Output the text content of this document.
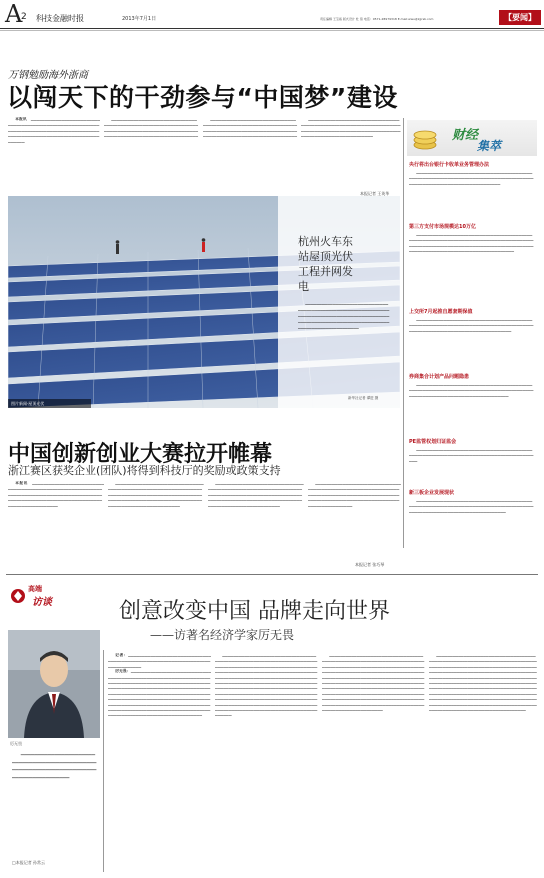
A
2 科技金融时报	2013年7月1日	责任编辑 王宝裕 版式设计 杜 瑄 电话：0571-28979318 E-mail:wwu@kjjrsb.com	【要闻】
万钢勉励海外浙商
以闯天下的干劲参与“中国梦”建设

本报讯　▁▁▁▁▁▁▁▁▁▁▁▁▁▁▁▁▁▁▁▁▁▁▁▁▁▁▁▁▁▁▁▁▁▁▁▁▁▁▁▁▁▁▁▁▁▁▁▁▁▁▁▁▁▁▁▁▁▁▁▁▁▁▁▁▁▁▁▁▁▁▁▁▁▁▁▁▁▁▁▁▁▁▁▁▁▁▁▁▁▁▁▁▁▁▁▁▁▁▁▁▁▁▁▁▁▁▁▁▁▁▁▁▁▁▁▁▁▁▁▁▁▁▁▁▁▁▁▁▁▁

▁▁▁▁▁▁▁▁▁▁▁▁▁▁▁▁▁▁▁▁▁▁▁▁▁▁▁▁▁▁▁▁▁▁▁▁▁▁▁▁▁▁▁▁▁▁▁▁▁▁▁▁▁▁▁▁▁▁▁▁▁▁▁▁▁▁▁▁▁▁▁▁▁▁▁▁▁▁▁▁▁▁▁▁▁▁▁▁▁▁▁▁▁▁▁▁▁▁▁▁▁▁▁▁▁▁▁▁▁▁▁▁▁▁▁▁▁▁▁▁▁▁▁▁▁▁▁▁▁▁▁▁▁

▁▁▁▁▁▁▁▁▁▁▁▁▁▁▁▁▁▁▁▁▁▁▁▁▁▁▁▁▁▁▁▁▁▁▁▁▁▁▁▁▁▁▁▁▁▁▁▁▁▁▁▁▁▁▁▁▁▁▁▁▁▁▁▁▁▁▁▁▁▁▁▁▁▁▁▁▁▁▁▁▁▁▁▁▁▁▁▁▁▁▁▁▁▁▁▁▁▁▁▁▁▁▁▁▁▁▁▁▁▁▁▁▁▁▁▁▁▁▁▁▁▁▁▁▁▁▁▁▁▁▁▁▁

▁▁▁▁▁▁▁▁▁▁▁▁▁▁▁▁▁▁▁▁▁▁▁▁▁▁▁▁▁▁▁▁▁▁▁▁▁▁▁▁▁▁▁▁▁▁▁▁▁▁▁▁▁▁▁▁▁▁▁▁▁▁▁▁▁▁▁▁▁▁▁▁▁▁▁▁▁▁▁▁▁▁▁▁▁▁▁▁▁▁▁▁▁▁▁▁▁▁▁▁▁▁▁▁▁▁▁▁▁▁▁▁▁▁▁▁▁▁▁▁▁▁▁▁▁▁▁▁▁▁▁

本报记者 王英华
杭州火车东站屋顶光伏工程并网发电

▁▁▁▁▁▁▁▁▁▁▁▁▁▁▁▁▁▁▁▁▁▁▁▁▁▁▁▁▁▁▁▁▁▁▁▁▁▁▁▁▁▁▁▁▁▁▁▁▁▁▁▁▁▁▁▁▁▁▁▁▁▁▁▁▁▁▁▁▁▁▁▁▁▁▁▁▁▁▁▁▁▁▁▁▁▁▁▁▁▁▁▁▁▁▁▁▁▁▁▁▁▁▁▁▁▁▁▁▁▁▁▁▁▁▁▁▁▁▁▁▁▁▁▁▁▁▁▁▁▁▁▁▁▁▁▁▁▁▁▁▁▁▁▁▁▁▁▁▁▁▁

新华社记者 谭进 摄
图片新闻·屋顶光伏
财经
集萃
央行将出台银行卡收单业务管理办法

▁▁▁▁▁▁▁▁▁▁▁▁▁▁▁▁▁▁▁▁▁▁▁▁▁▁▁▁▁▁▁▁▁▁▁▁▁▁▁▁▁▁▁▁▁▁▁▁▁▁▁▁▁▁▁▁▁▁▁▁▁▁▁▁▁▁▁▁▁▁▁▁▁▁▁▁▁▁▁▁▁▁▁▁▁▁▁▁▁▁▁▁▁▁▁▁▁▁▁▁▁▁▁▁▁▁▁▁▁▁▁▁▁▁▁▁▁▁▁▁

第三方支付市场规模达10万亿

▁▁▁▁▁▁▁▁▁▁▁▁▁▁▁▁▁▁▁▁▁▁▁▁▁▁▁▁▁▁▁▁▁▁▁▁▁▁▁▁▁▁▁▁▁▁▁▁▁▁▁▁▁▁▁▁▁▁▁▁▁▁▁▁▁▁▁▁▁▁▁▁▁▁▁▁▁▁▁▁▁▁▁▁▁▁▁▁▁▁▁▁▁▁▁▁▁▁▁▁▁▁▁▁▁▁▁▁▁▁▁▁▁▁▁▁▁▁▁▁▁▁▁▁▁▁▁▁▁▁▁▁▁▁▁▁▁▁▁▁▁▁▁▁▁▁▁▁▁▁▁▁▁▁▁▁▁▁▁▁▁▁▁▁▁▁▁▁▁▁

上交所7月起推自愿套期保值

▁▁▁▁▁▁▁▁▁▁▁▁▁▁▁▁▁▁▁▁▁▁▁▁▁▁▁▁▁▁▁▁▁▁▁▁▁▁▁▁▁▁▁▁▁▁▁▁▁▁▁▁▁▁▁▁▁▁▁▁▁▁▁▁▁▁▁▁▁▁▁▁▁▁▁▁▁▁▁▁▁▁▁▁▁▁▁▁▁▁▁▁▁▁▁▁▁▁▁▁▁▁▁▁▁▁▁▁▁▁▁▁▁▁▁▁▁▁▁▁▁▁▁▁

券商集合计划产品问题隐患

▁▁▁▁▁▁▁▁▁▁▁▁▁▁▁▁▁▁▁▁▁▁▁▁▁▁▁▁▁▁▁▁▁▁▁▁▁▁▁▁▁▁▁▁▁▁▁▁▁▁▁▁▁▁▁▁▁▁▁▁▁▁▁▁▁▁▁▁▁▁▁▁▁▁▁▁▁▁▁▁▁▁▁▁▁▁▁▁▁▁▁▁▁▁▁▁▁▁▁▁▁▁▁▁▁▁▁▁▁▁▁▁▁▁▁▁▁▁▁▁▁▁▁

PE监管权划归证监会

▁▁▁▁▁▁▁▁▁▁▁▁▁▁▁▁▁▁▁▁▁▁▁▁▁▁▁▁▁▁▁▁▁▁▁▁▁▁▁▁▁▁▁▁▁▁▁▁▁▁▁▁▁▁▁▁▁▁▁▁▁▁▁▁▁▁▁▁▁▁▁▁▁▁▁▁▁▁▁▁▁▁▁▁▁▁▁▁▁▁

新三板企业发展现状

▁▁▁▁▁▁▁▁▁▁▁▁▁▁▁▁▁▁▁▁▁▁▁▁▁▁▁▁▁▁▁▁▁▁▁▁▁▁▁▁▁▁▁▁▁▁▁▁▁▁▁▁▁▁▁▁▁▁▁▁▁▁▁▁▁▁▁▁▁▁▁▁▁▁▁▁▁▁▁▁▁▁▁▁▁▁▁▁▁▁▁▁▁▁▁▁▁▁▁▁▁▁▁▁▁▁▁▁▁▁▁▁▁▁▁▁▁▁▁▁▁▁

中国创新创业大赛拉开帷幕
浙江赛区获奖企业(团队)将得到科技厅的奖励或政策支持

本报讯　▁▁▁▁▁▁▁▁▁▁▁▁▁▁▁▁▁▁▁▁▁▁▁▁▁▁▁▁▁▁▁▁▁▁▁▁▁▁▁▁▁▁▁▁▁▁▁▁▁▁▁▁▁▁▁▁▁▁▁▁▁▁▁▁▁▁▁▁▁▁▁▁▁▁▁▁▁▁▁▁▁▁▁▁▁▁▁▁▁▁▁▁▁▁▁▁▁▁▁▁▁▁▁▁▁▁▁▁▁▁▁▁▁▁▁▁▁▁▁▁▁▁▁▁▁▁▁▁▁▁▁▁▁▁▁▁▁▁▁▁▁▁▁▁▁▁

▁▁▁▁▁▁▁▁▁▁▁▁▁▁▁▁▁▁▁▁▁▁▁▁▁▁▁▁▁▁▁▁▁▁▁▁▁▁▁▁▁▁▁▁▁▁▁▁▁▁▁▁▁▁▁▁▁▁▁▁▁▁▁▁▁▁▁▁▁▁▁▁▁▁▁▁▁▁▁▁▁▁▁▁▁▁▁▁▁▁▁▁▁▁▁▁▁▁▁▁▁▁▁▁▁▁▁▁▁▁▁▁▁▁▁▁▁▁▁▁▁▁▁▁▁▁▁▁▁▁▁▁▁▁▁▁▁▁▁▁▁▁▁▁▁▁▁▁▁▁▁▁▁▁▁▁▁▁▁▁

▁▁▁▁▁▁▁▁▁▁▁▁▁▁▁▁▁▁▁▁▁▁▁▁▁▁▁▁▁▁▁▁▁▁▁▁▁▁▁▁▁▁▁▁▁▁▁▁▁▁▁▁▁▁▁▁▁▁▁▁▁▁▁▁▁▁▁▁▁▁▁▁▁▁▁▁▁▁▁▁▁▁▁▁▁▁▁▁▁▁▁▁▁▁▁▁▁▁▁▁▁▁▁▁▁▁▁▁▁▁▁▁▁▁▁▁▁▁▁▁▁▁▁▁▁▁▁▁▁▁▁▁▁▁▁▁▁▁▁▁▁▁▁▁▁▁▁▁▁▁▁▁▁▁▁▁▁▁▁▁

▁▁▁▁▁▁▁▁▁▁▁▁▁▁▁▁▁▁▁▁▁▁▁▁▁▁▁▁▁▁▁▁▁▁▁▁▁▁▁▁▁▁▁▁▁▁▁▁▁▁▁▁▁▁▁▁▁▁▁▁▁▁▁▁▁▁▁▁▁▁▁▁▁▁▁▁▁▁▁▁▁▁▁▁▁▁▁▁▁▁▁▁▁▁▁▁▁▁▁▁▁▁▁▁▁▁▁▁▁▁▁▁▁▁▁▁▁▁▁▁▁▁▁▁▁▁▁▁▁▁▁▁▁▁▁▁▁▁▁▁▁▁▁▁▁▁

本报记者 张巧琴
高端
访谈	创意改变中国 品牌走向世界
——访著名经济学家厉无畏
厉无畏

▁▁▁▁▁▁▁▁▁▁▁▁▁▁▁▁▁▁▁▁▁▁▁▁▁▁▁▁▁▁▁▁▁▁▁▁▁▁▁▁▁▁▁▁▁▁▁▁▁▁▁▁▁▁▁▁▁▁▁▁▁▁▁▁▁▁▁▁▁▁▁▁▁▁▁▁▁▁▁▁▁▁▁▁▁▁▁▁▁

□本报记者 孙常云

记者：▁▁▁▁▁▁▁▁▁▁▁▁▁▁▁▁▁▁▁▁▁▁▁▁▁▁▁▁▁▁▁▁▁▁▁▁▁▁▁▁▁▁▁▁▁▁▁▁▁▁▁▁▁▁▁▁▁▁▁▁▁▁▁▁▁▁▁▁▁▁▁▁▁▁▁▁▁▁▁

厉无畏：▁▁▁▁▁▁▁▁▁▁▁▁▁▁▁▁▁▁▁▁▁▁▁▁▁▁▁▁▁▁▁▁▁▁▁▁▁▁▁▁▁▁▁▁▁▁▁▁▁▁▁▁▁▁▁▁▁▁▁▁▁▁▁▁▁▁▁▁▁▁▁▁▁▁▁▁▁▁▁▁▁▁▁▁▁▁▁▁▁▁▁▁▁▁▁▁▁▁▁▁▁▁▁▁▁▁▁▁▁▁▁▁▁▁▁▁▁▁▁▁▁▁▁▁▁▁▁▁▁▁▁▁▁▁▁▁▁▁▁▁▁▁▁▁▁▁▁▁▁▁▁▁▁▁▁▁▁▁▁▁▁▁▁▁▁▁▁▁▁▁▁▁▁▁▁▁▁▁▁▁▁▁▁▁▁▁▁▁▁▁▁▁▁▁▁▁▁▁▁▁▁▁▁▁▁▁▁▁▁▁▁▁▁▁▁▁▁▁▁▁▁▁▁▁▁▁▁▁▁▁▁▁▁▁▁▁▁▁▁▁▁▁▁▁▁▁▁▁▁▁▁▁▁▁▁▁▁▁▁▁▁▁▁▁▁▁▁▁▁▁▁▁▁▁▁▁▁▁▁▁▁▁▁▁▁▁▁▁▁▁▁▁▁▁▁▁▁▁▁▁▁▁▁▁▁▁▁▁▁▁▁▁▁▁▁▁▁▁▁▁▁▁

▁▁▁▁▁▁▁▁▁▁▁▁▁▁▁▁▁▁▁▁▁▁▁▁▁▁▁▁▁▁▁▁▁▁▁▁▁▁▁▁▁▁▁▁▁▁▁▁▁▁▁▁▁▁▁▁▁▁▁▁▁▁▁▁▁▁▁▁▁▁▁▁▁▁▁▁▁▁▁▁▁▁▁▁▁▁▁▁▁▁▁▁▁▁▁▁▁▁▁▁▁▁▁▁▁▁▁▁▁▁▁▁▁▁▁▁▁▁▁▁▁▁▁▁▁▁▁▁▁▁▁▁▁▁▁▁▁▁▁▁▁▁▁▁▁▁▁▁▁▁▁▁▁▁▁▁▁▁▁▁▁▁▁▁▁▁▁▁▁▁▁▁▁▁▁▁▁▁▁▁▁▁▁▁▁▁▁▁▁▁▁▁▁▁▁▁▁▁▁▁▁▁▁▁▁▁▁▁▁▁▁▁▁▁▁▁▁▁▁▁▁▁▁▁▁▁▁▁▁▁▁▁▁▁▁▁▁▁▁▁▁▁▁▁▁▁▁▁▁▁▁▁▁▁▁▁▁▁▁▁▁▁▁▁▁▁▁▁▁▁▁▁▁▁▁▁▁▁▁▁▁▁▁▁▁▁▁▁▁▁▁▁▁▁▁▁▁▁▁▁▁▁▁▁▁▁▁▁▁▁▁▁▁▁▁▁▁▁▁▁▁▁▁▁▁▁▁▁▁▁▁▁▁▁▁▁▁▁▁▁▁▁▁▁▁▁▁▁▁▁▁▁▁▁▁▁▁▁▁▁▁▁▁▁▁▁▁▁▁▁▁▁▁▁▁▁▁▁▁▁▁▁▁▁▁▁▁▁▁▁▁▁▁▁▁▁▁▁▁▁▁▁▁▁▁▁▁▁▁▁

▁▁▁▁▁▁▁▁▁▁▁▁▁▁▁▁▁▁▁▁▁▁▁▁▁▁▁▁▁▁▁▁▁▁▁▁▁▁▁▁▁▁▁▁▁▁▁▁▁▁▁▁▁▁▁▁▁▁▁▁▁▁▁▁▁▁▁▁▁▁▁▁▁▁▁▁▁▁▁▁▁▁▁▁▁▁▁▁▁▁▁▁▁▁▁▁▁▁▁▁▁▁▁▁▁▁▁▁▁▁▁▁▁▁▁▁▁▁▁▁▁▁▁▁▁▁▁▁▁▁▁▁▁▁▁▁▁▁▁▁▁▁▁▁▁▁▁▁▁▁▁▁▁▁▁▁▁▁▁▁▁▁▁▁▁▁▁▁▁▁▁▁▁▁▁▁▁▁▁▁▁▁▁▁▁▁▁▁▁▁▁▁▁▁▁▁▁▁▁▁▁▁▁▁▁▁▁▁▁▁▁▁▁▁▁▁▁▁▁▁▁▁▁▁▁▁▁▁▁▁▁▁▁▁▁▁▁▁▁▁▁▁▁▁▁▁▁▁▁▁▁▁▁▁▁▁▁▁▁▁▁▁▁▁▁▁▁▁▁▁▁▁▁▁▁▁▁▁▁▁▁▁▁▁▁▁▁▁▁▁▁▁▁▁▁▁▁▁▁▁▁▁▁▁▁▁▁▁▁▁▁▁▁▁▁▁▁▁▁▁▁▁▁▁▁▁▁▁▁▁▁▁▁▁▁▁▁▁▁▁▁▁▁▁▁▁▁▁▁▁▁▁▁▁▁▁▁▁▁▁▁▁▁▁▁▁▁▁▁▁▁▁▁▁▁▁▁▁▁▁▁▁▁▁▁▁▁▁▁

▁▁▁▁▁▁▁▁▁▁▁▁▁▁▁▁▁▁▁▁▁▁▁▁▁▁▁▁▁▁▁▁▁▁▁▁▁▁▁▁▁▁▁▁▁▁▁▁▁▁▁▁▁▁▁▁▁▁▁▁▁▁▁▁▁▁▁▁▁▁▁▁▁▁▁▁▁▁▁▁▁▁▁▁▁▁▁▁▁▁▁▁▁▁▁▁▁▁▁▁▁▁▁▁▁▁▁▁▁▁▁▁▁▁▁▁▁▁▁▁▁▁▁▁▁▁▁▁▁▁▁▁▁▁▁▁▁▁▁▁▁▁▁▁▁▁▁▁▁▁▁▁▁▁▁▁▁▁▁▁▁▁▁▁▁▁▁▁▁▁▁▁▁▁▁▁▁▁▁▁▁▁▁▁▁▁▁▁▁▁▁▁▁▁▁▁▁▁▁▁▁▁▁▁▁▁▁▁▁▁▁▁▁▁▁▁▁▁▁▁▁▁▁▁▁▁▁▁▁▁▁▁▁▁▁▁▁▁▁▁▁▁▁▁▁▁▁▁▁▁▁▁▁▁▁▁▁▁▁▁▁▁▁▁▁▁▁▁▁▁▁▁▁▁▁▁▁▁▁▁▁▁▁▁▁▁▁▁▁▁▁▁▁▁▁▁▁▁▁▁▁▁▁▁▁▁▁▁▁▁▁▁▁▁▁▁▁▁▁▁▁▁▁▁▁▁▁▁▁▁▁▁▁▁▁▁▁▁▁▁▁▁▁▁▁▁▁▁▁▁▁▁▁▁▁▁▁▁▁▁▁▁▁▁▁▁▁▁▁▁▁▁▁▁▁▁▁▁▁▁▁▁▁▁▁▁▁▁▁▁▁▁▁▁▁▁▁▁▁▁▁▁▁▁▁▁▁▁▁▁▁▁▁▁▁▁▁▁▁▁▁▁
